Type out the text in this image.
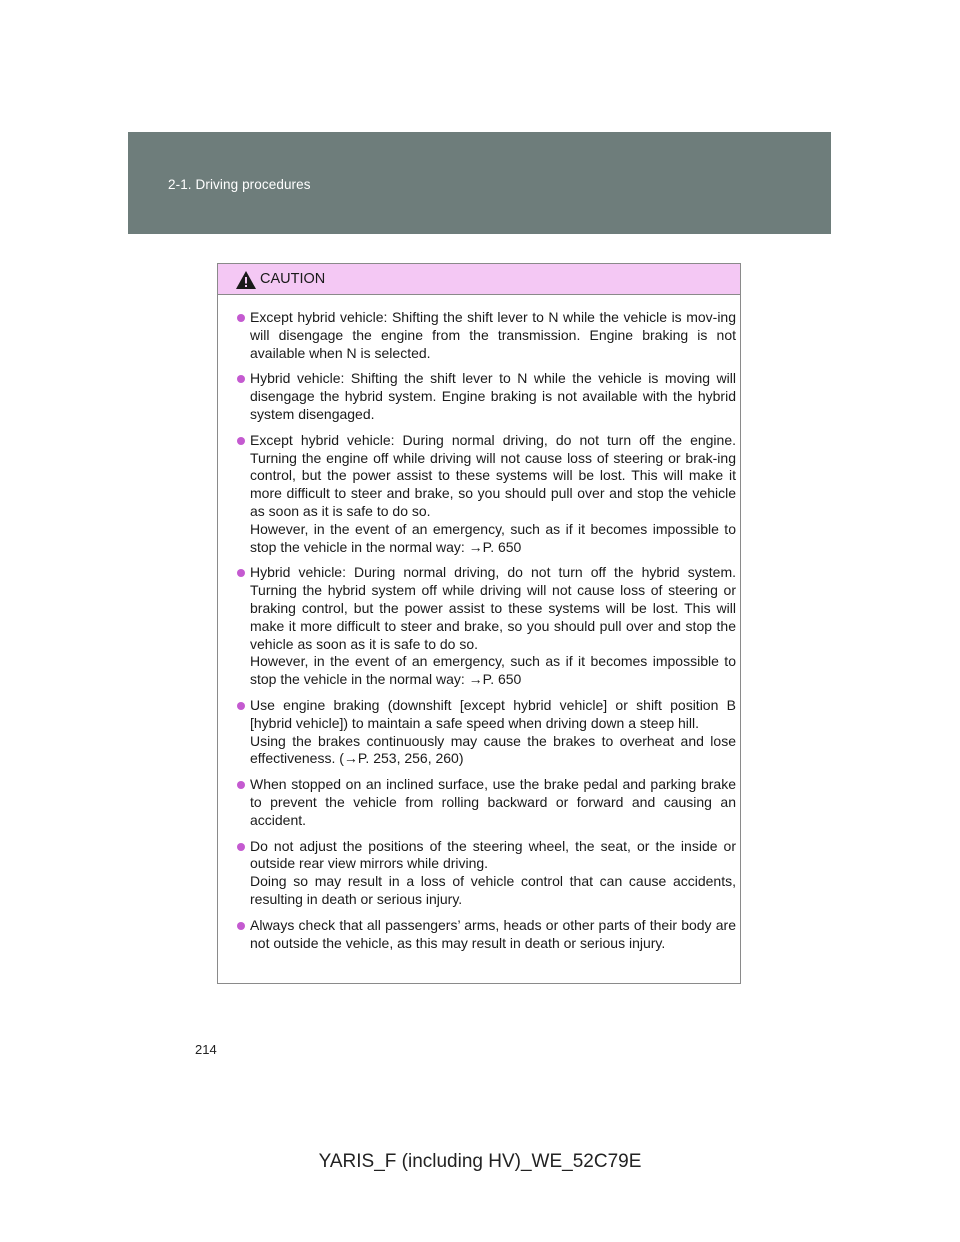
2-1. Driving procedures
CAUTION

Except hybrid vehicle: Shifting the shift lever to N while the vehicle is mov-ing will disengage the engine from the transmission. Engine braking is not available when N is selected.

Hybrid vehicle: Shifting the shift lever to N while the vehicle is moving will disengage the hybrid system. Engine braking is not available with the hybrid system disengaged.

Except hybrid vehicle: During normal driving, do not turn off the engine. Turning the engine off while driving will not cause loss of steering or brak-ing control, but the power assist to these systems will be lost. This will make it more difficult to steer and brake, so you should pull over and stop the vehicle as soon as it is safe to do so.

However, in the event of an emergency, such as if it becomes impossible to stop the vehicle in the normal way: →P. 650

Hybrid vehicle: During normal driving, do not turn off the hybrid system. Turning the hybrid system off while driving will not cause loss of steering or braking control, but the power assist to these systems will be lost. This will make it more difficult to steer and brake, so you should pull over and stop the vehicle as soon as it is safe to do so.

However, in the event of an emergency, such as if it becomes impossible to stop the vehicle in the normal way: →P. 650

Use engine braking (downshift [except hybrid vehicle] or shift position B [hybrid vehicle]) to maintain a safe speed when driving down a steep hill.

Using the brakes continuously may cause the brakes to overheat and lose effectiveness. (→P. 253, 256, 260)

When stopped on an inclined surface, use the brake pedal and parking brake to prevent the vehicle from rolling backward or forward and causing an accident.

Do not adjust the positions of the steering wheel, the seat, or the inside or outside rear view mirrors while driving.

Doing so may result in a loss of vehicle control that can cause accidents, resulting in death or serious injury.

Always check that all passengers’ arms, heads or other parts of their body are not outside the vehicle, as this may result in death or serious injury.

214
YARIS_F (including HV)_WE_52C79E
